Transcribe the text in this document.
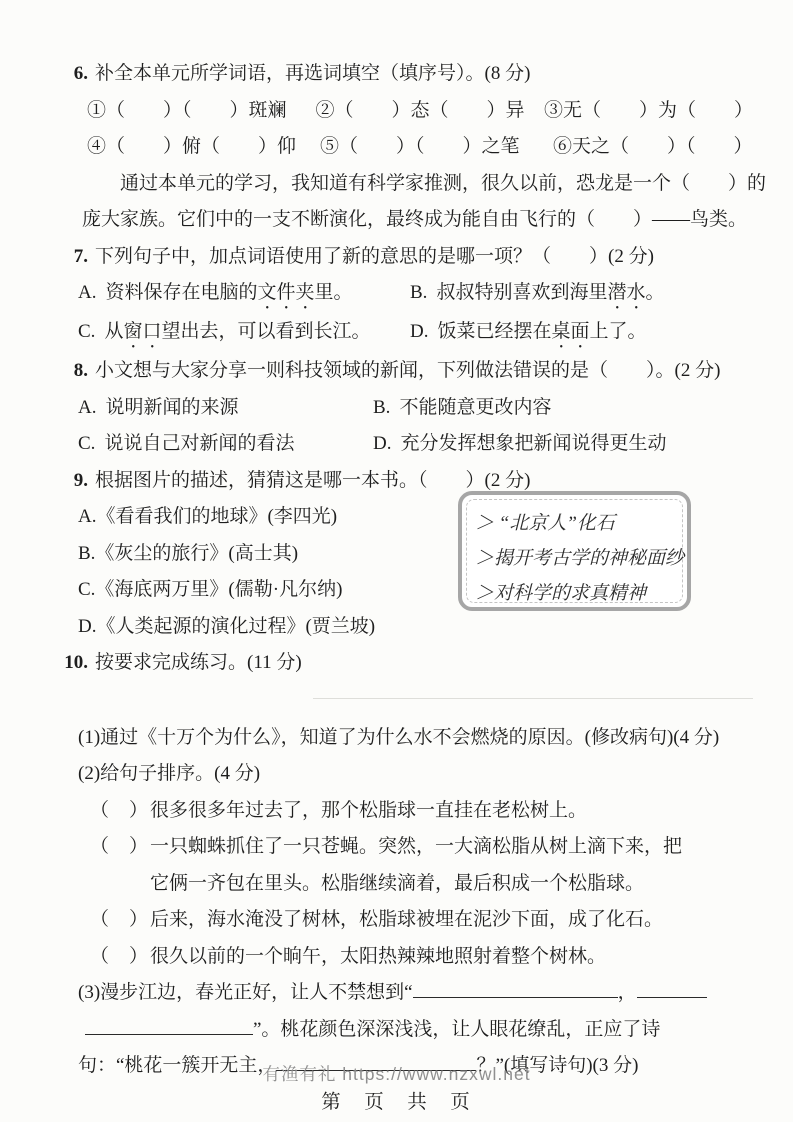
6. 补全本单元所学词语，再选词填空（填序号）。(8 分)
①（　　）（　　）斑斓	②（　　）态（　　）异	③无（　　）为（　　）
④（　　）俯（　　）仰	⑤（　　）（　　）之笔	⑥天之（　　）（　　）
通过本单元的学习，我知道有科学家推测，很久以前，恐龙是一个（　　）的
庞大家族。它们中的一支不断演化，最终成为能自由飞行的（　　）——鸟类。
7. 下列句子中，加点词语使用了新的意思的是哪一项？（　　）(2 分)
A. 资料保存在电脑的文件夹里。	B. 叔叔特别喜欢到海里潜水。
C. 从窗口望出去，可以看到长江。	D. 饭菜已经摆在桌面上了。
8. 小文想与大家分享一则科技领域的新闻，下列做法错误的是（　　）。(2 分)
A. 说明新闻的来源	B. 不能随意更改内容
C. 说说自己对新闻的看法	D. 充分发挥想象把新闻说得更生动
9. 根据图片的描述，猜猜这是哪一本书。（　　）(2 分)
A.《看看我们的地球》(李四光)
B.《灰尘的旅行》(高士其)
C.《海底两万里》(儒勒·凡尔纳)
D.《人类起源的演化过程》(贾兰坡)
＞ “北京人”化石
＞揭开考古学的神秘面纱
＞对科学的求真精神
10. 按要求完成练习。(11 分)
(1)通过《十万个为什么》，知道了为什么水不会燃烧的原因。(修改病句)(4 分)
(2)给句子排序。(4 分)
（ ） 很多很多年过去了，那个松脂球一直挂在老松树上。
（ ） 一只蜘蛛抓住了一只苍蝇。突然，一大滴松脂从树上滴下来，把
它俩一齐包在里头。松脂继续滴着，最后积成一个松脂球。
（ ） 后来，海水淹没了树林，松脂球被埋在泥沙下面，成了化石。
（ ） 很久以前的一个晌午，太阳热辣辣地照射着整个树林。
(3)漫步江边，春光正好，让人不禁想到“	，
”。桃花颜色深深浅浅，让人眼花缭乱，正应了诗
句：“桃花一簇开无主，	？”(填写诗句)(3 分)
有渔有礼 https://www.nzxwl.net
第　页　共　页
